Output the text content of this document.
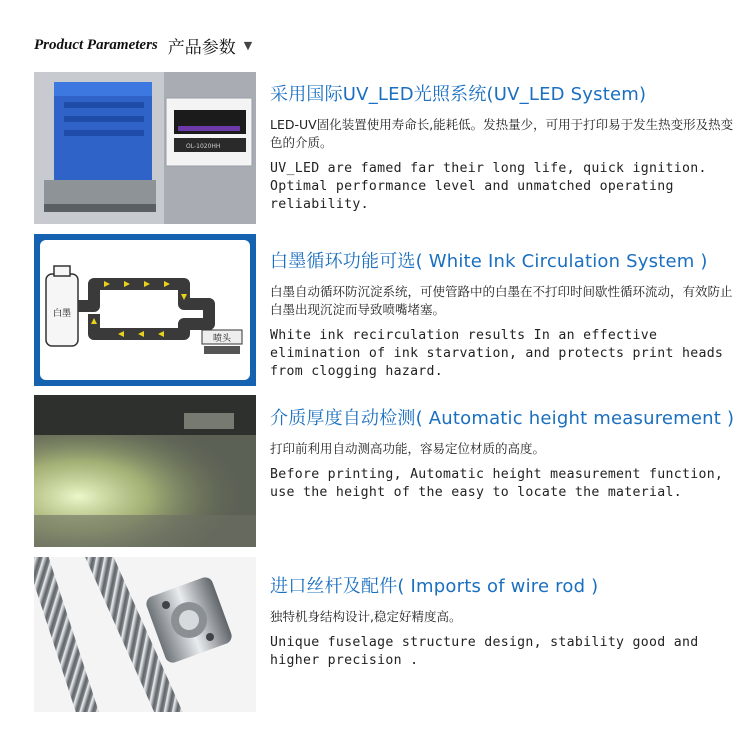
Product Parameters 产品参数 ▼
OL-1020HH

采用国际UV_LED光照系统(UV_LED System)

LED-UV固化装置使用寿命长,能耗低。发热量少，可用于打印易于发生热变形及热变色的介质。

UV_LED are famed far their long life, quick ignition. Optimal performance level and unmatched operating reliability.

白墨
喷头

白墨循环功能可选( White Ink Circulation System )

白墨自动循环防沉淀系统，可使管路中的白墨在不打印时间歇性循环流动，有效防止白墨出现沉淀而导致喷嘴堵塞。

White ink recirculation results In an effective elimination of ink starvation, and protects print heads from clogging hazard.

介质厚度自动检测( Automatic height measurement )

打印前利用自动测高功能，容易定位材质的高度。

Before printing, Automatic height measurement function, use the height of the easy to locate the material.

进口丝杆及配件( Imports of wire rod )

独特机身结构设计,稳定好精度高。

Unique fuselage structure design, stability good and higher precision .
